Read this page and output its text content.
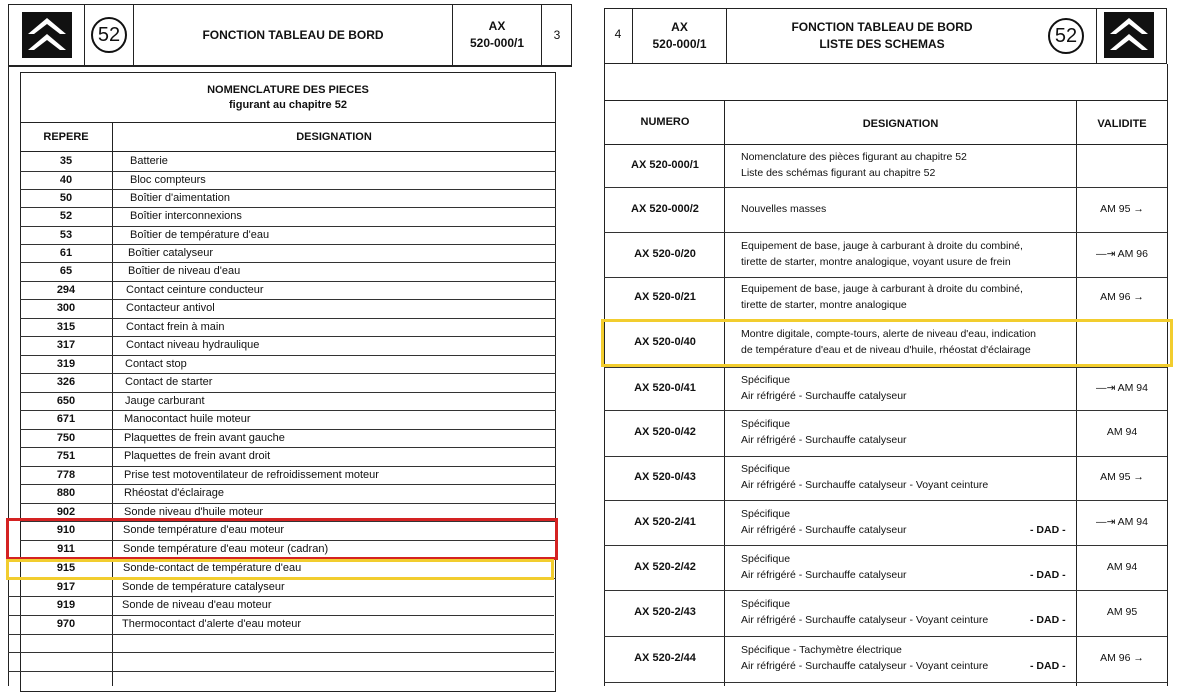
52	FONCTION TABLEAU DE BORD
AX
520-000/1
3
NOMENCLATURE DES PIECES
figurant au chapitre 52
REPERE	DESIGNATION
35	Batterie
40	Bloc compteurs
50	Boîtier d'aimentation
52	Boîtier interconnexions
53	Boîtier de température d'eau
61	Boîtier catalyseur
65	Boîtier de niveau d'eau
294	Contact ceinture conducteur
300	Contacteur antivol
315	Contact frein à main
317	Contact niveau hydraulique
319	Contact stop
326	Contact de starter
650	Jauge carburant
671	Manocontact huile moteur
750	Plaquettes de frein avant gauche
751	Plaquettes de frein avant droit
778	Prise test motoventilateur de refroidissement moteur
880	Rhéostat d'éclairage
902	Sonde niveau d'huile moteur
910	Sonde température d'eau moteur
911	Sonde température d'eau moteur (cadran)
915	Sonde-contact de température d'eau
917	Sonde de température catalyseur
919	Sonde de niveau d'eau moteur
970	Thermocontact d'alerte d'eau moteur
4	AX
520-000/1
FONCTION TABLEAU DE BORD
LISTE DES SCHEMAS	52
NUMERO	DESIGNATION	VALIDITE
AX 520-000/1
Nomenclature des pièces figurant au chapitre 52
Liste des schémas figurant au chapitre 52
AX 520-000/2	Nouvelles masses	AM 95 →
AX 520-0/20
Equipement de base, jauge à carburant à droite du combiné,
tirette de starter, montre analogique, voyant usure de frein
—⇥ AM 96
AX 520-0/21
Equipement de base, jauge à carburant à droite du combiné,
tirette de starter, montre analogique
AM 96 →
AX 520-0/40
Montre digitale, compte-tours, alerte de niveau d'eau, indication
de température d'eau et de niveau d'huile, rhéostat d'éclairage
AX 520-0/41
Spécifique
Air réfrigéré - Surchauffe catalyseur
—⇥ AM 94
AX 520-0/42
Spécifique
Air réfrigéré - Surchauffe catalyseur
AM 94
AX 520-0/43
Spécifique
Air réfrigéré - Surchauffe catalyseur - Voyant ceinture
AM 95 →
AX 520-2/41
Spécifique
Air réfrigéré - Surchauffe catalyseur	- DAD -
—⇥ AM 94
AX 520-2/42
Spécifique
Air réfrigéré - Surchauffe catalyseur	- DAD -
AM 94
AX 520-2/43
Spécifique
Air réfrigéré - Surchauffe catalyseur - Voyant ceinture	- DAD -
AM 95
AX 520-2/44
Spécifique - Tachymètre électrique
Air réfrigéré - Surchauffe catalyseur - Voyant ceinture	- DAD -
AM 96 →
